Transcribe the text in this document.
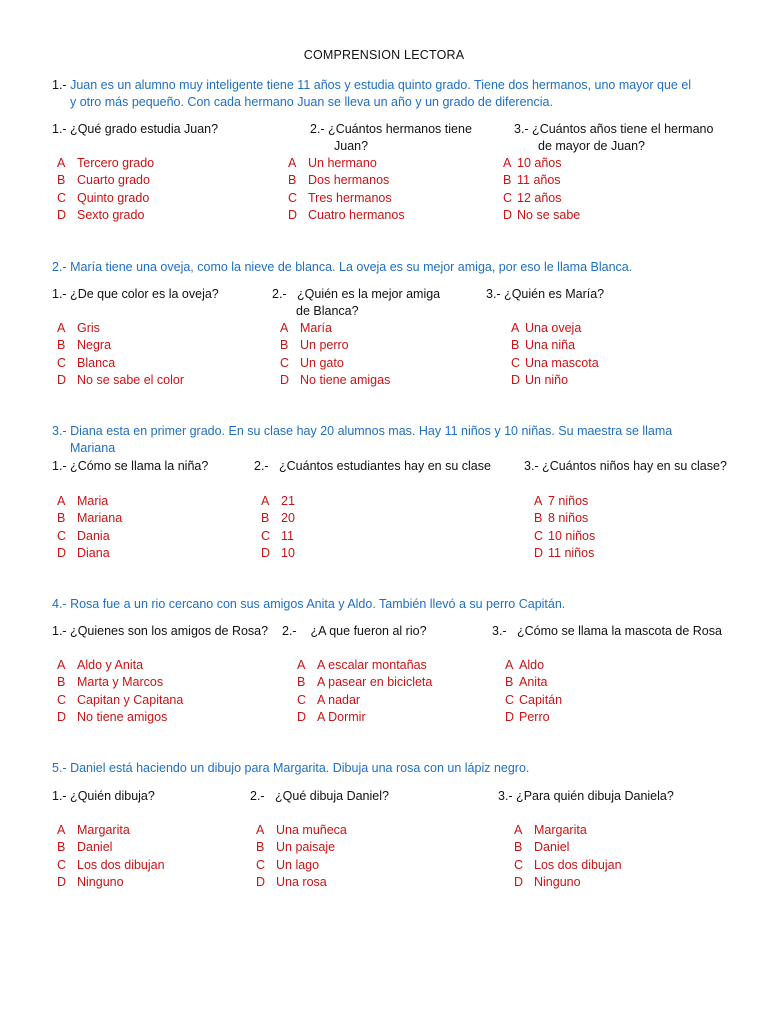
COMPRENSION LECTORA
1.- Juan es un alumno muy inteligente tiene 11 años y estudia quinto grado. Tiene dos hermanos, uno mayor que el
y otro más pequeño. Con cada hermano Juan se lleva un año y un grado de diferencia.
1.- ¿Qué grado estudia Juan?
A Tercero grado
B Cuarto grado
C Quinto grado
D Sexto grado
2.- ¿Cuántos hermanos tiene
Juan?
A Un hermano
B Dos hermanos
C Tres hermanos
D Cuatro hermanos
3.- ¿Cuántos años tiene el hermano
de mayor de Juan?
A 10 años
B 11 años
C 12 años
D No se sabe
2.- María tiene una oveja, como la nieve de blanca. La oveja es su mejor amiga, por eso le llama Blanca.
1.- ¿De que color es la oveja?
A Gris
B Negra
C Blanca
D No se sabe el color
2.-   ¿Quién es la mejor amiga
de Blanca?
A María
B Un perro
C Un gato
D No tiene amigas
3.- ¿Quién es María?
A Una oveja
B Una niña
C Una mascota
D Un niño
3.- Diana esta en primer grado. En su clase hay 20 alumnos mas. Hay 11 niños y 10 niñas. Su maestra se llama
Mariana
1.- ¿Cómo se llama la niña?
A Maria
B Mariana
C Dania
D Diana
2.-   ¿Cuántos estudiantes hay en su clase
A 21
B 20
C 11
D 10
3.- ¿Cuántos niños hay en su clase?
A 7 niños
B 8 niños
C 10 niños
D 11 niños
4.- Rosa fue a un rio cercano con sus amigos Anita y Aldo. También llevó a su perro Capitán.
1.- ¿Quienes son los amigos de Rosa?
A Aldo y Anita
B Marta y Marcos
C Capitan y Capitana
D No tiene amigos
2.-    ¿A que fueron al rio?
A A escalar montañas
B A pasear en bicicleta
C A nadar
D A Dormir
3.-   ¿Cómo se llama la mascota de Rosa
A Aldo
B Anita
C Capitán
D Perro
5.- Daniel está haciendo un dibujo para Margarita. Dibuja una rosa con un lápiz negro.
1.- ¿Quién dibuja?
A Margarita
B Daniel
C Los dos dibujan
D Ninguno
2.-   ¿Qué dibuja Daniel?
A Una muñeca
B Un paisaje
C Un lago
D Una rosa
3.- ¿Para quién dibuja Daniela?
A Margarita
B Daniel
C Los dos dibujan
D Ninguno
